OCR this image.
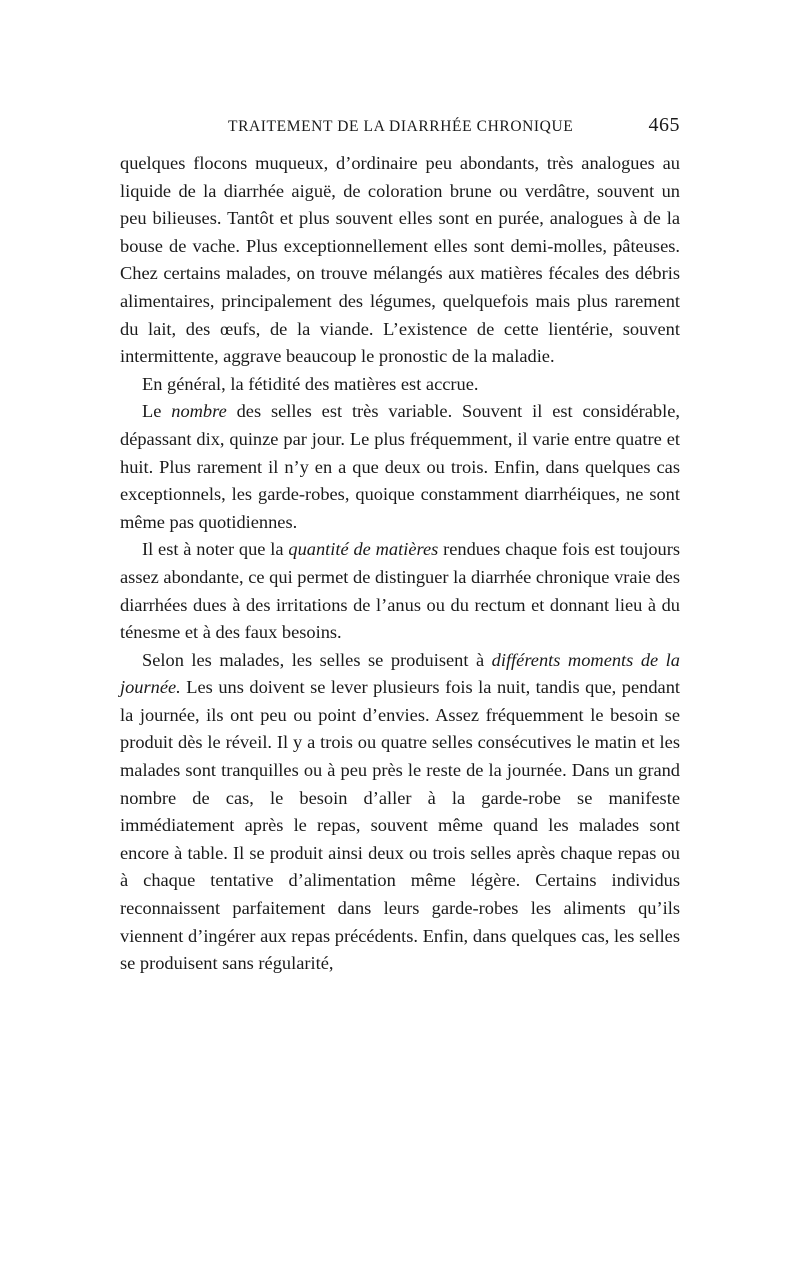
TRAITEMENT DE LA DIARRHÉE CHRONIQUE	465

quelques flocons muqueux, d’ordinaire peu abondants, très analogues au liquide de la diarrhée aiguë, de coloration brune ou verdâtre, souvent un peu bilieuses. Tantôt et plus souvent elles sont en purée, analogues à de la bouse de vache. Plus exceptionnellement elles sont demi-molles, pâteuses. Chez certains malades, on trouve mélangés aux matières fécales des débris alimentaires, principalement des légumes, quelquefois mais plus rarement du lait, des œufs, de la viande. L’existence de cette lientérie, souvent intermittente, aggrave beaucoup le pronostic de la maladie.

En général, la fétidité des matières est accrue.

Le nombre des selles est très variable. Souvent il est considérable, dépassant dix, quinze par jour. Le plus fréquemment, il varie entre quatre et huit. Plus rarement il n’y en a que deux ou trois. Enfin, dans quelques cas exceptionnels, les garde-robes, quoique constamment diarrhéiques, ne sont même pas quotidiennes.

Il est à noter que la quantité de matières rendues chaque fois est toujours assez abondante, ce qui permet de distinguer la diarrhée chronique vraie des diarrhées dues à des irritations de l’anus ou du rectum et donnant lieu à du ténesme et à des faux besoins.

Selon les malades, les selles se produisent à différents moments de la journée. Les uns doivent se lever plusieurs fois la nuit, tandis que, pendant la journée, ils ont peu ou point d’envies. Assez fréquemment le besoin se produit dès le réveil. Il y a trois ou quatre selles consécutives le matin et les malades sont tranquilles ou à peu près le reste de la journée. Dans un grand nombre de cas, le besoin d’aller à la garde-robe se manifeste immédiatement après le repas, souvent même quand les malades sont encore à table. Il se produit ainsi deux ou trois selles après chaque repas ou à chaque tentative d’alimentation même légère. Certains individus reconnaissent parfaitement dans leurs garde-robes les aliments qu’ils viennent d’ingérer aux repas précédents. Enfin, dans quelques cas, les selles se produisent sans régularité,
